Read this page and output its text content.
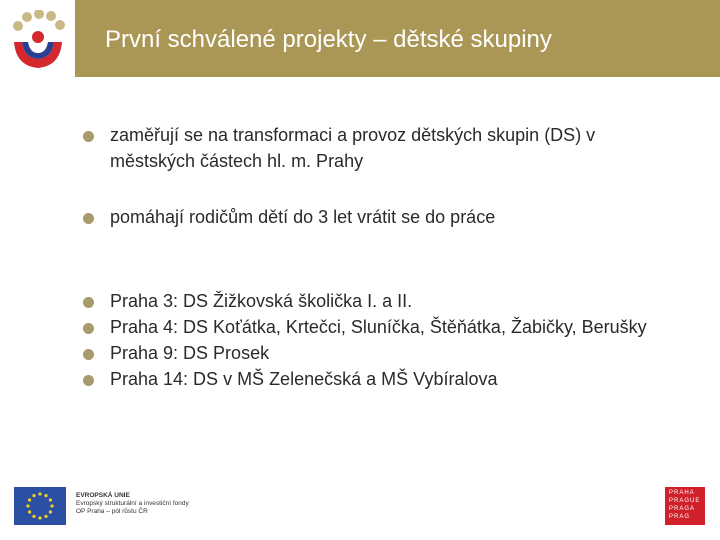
První schválené projekty – dětské skupiny
zaměřují se na transformaci a provoz dětských skupin (DS) v městských částech hl. m. Prahy
pomáhají rodičům dětí do 3 let vrátit se do práce
Praha 3: DS Žižkovská školička I. a II.
Praha 4: DS Koťátka, Krtečci, Sluníčka, Štěňátka, Žabičky, Berušky
Praha 9: DS Prosek
Praha 14: DS v MŠ Zelenečská a MŠ Vybíralova
EVROPSKÁ UNIE
Evropský strukturální a investiční fondy
OP Praha – pól růstu ČR
PRAHA
PRAGUE
PRAGA
PRAG
